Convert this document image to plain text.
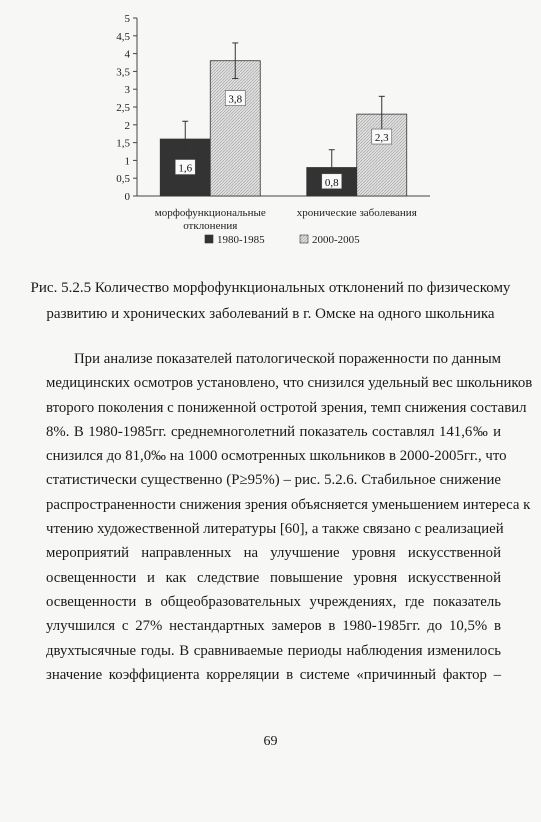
0
0,5
1
1,5
2
2,5
3
3,5
4
4,5
5
1,6
3,8
морфофункциональные
отклонения
0,8
2,3
хронические заболевания
1980-1985	2000-2005
Рис. 5.2.5 Количество морфофункциональных отклонений по физическому
развитию и хронических заболеваний в г. Омске на одного школьника
При анализе показателей патологической пораженности по данным
медицинских осмотров установлено, что снизился удельный вес школьников
второго поколения с пониженной остротой зрения, темп снижения составил
8%. В 1980-1985гг. среднемноголетний показатель составлял 141,6‰ и
снизился до 81,0‰ на 1000 осмотренных школьников в 2000-2005гг., что
статистически существенно (P≥95%) – рис. 5.2.6. Стабильное снижение
распространенности снижения зрения объясняется уменьшением интереса к
чтению художественной литературы [60], а также связано с реализацией
мероприятий направленных на улучшение уровня искусственной
освещенности и как следствие повышение уровня искусственной
освещенности в общеобразовательных учреждениях, где показатель
улучшился с 27% нестандартных замеров в 1980-1985гг. до 10,5% в
двухтысячные годы. В сравниваемые периоды наблюдения изменилось
значение коэффициента корреляции в системе «причинный фактор –
69
